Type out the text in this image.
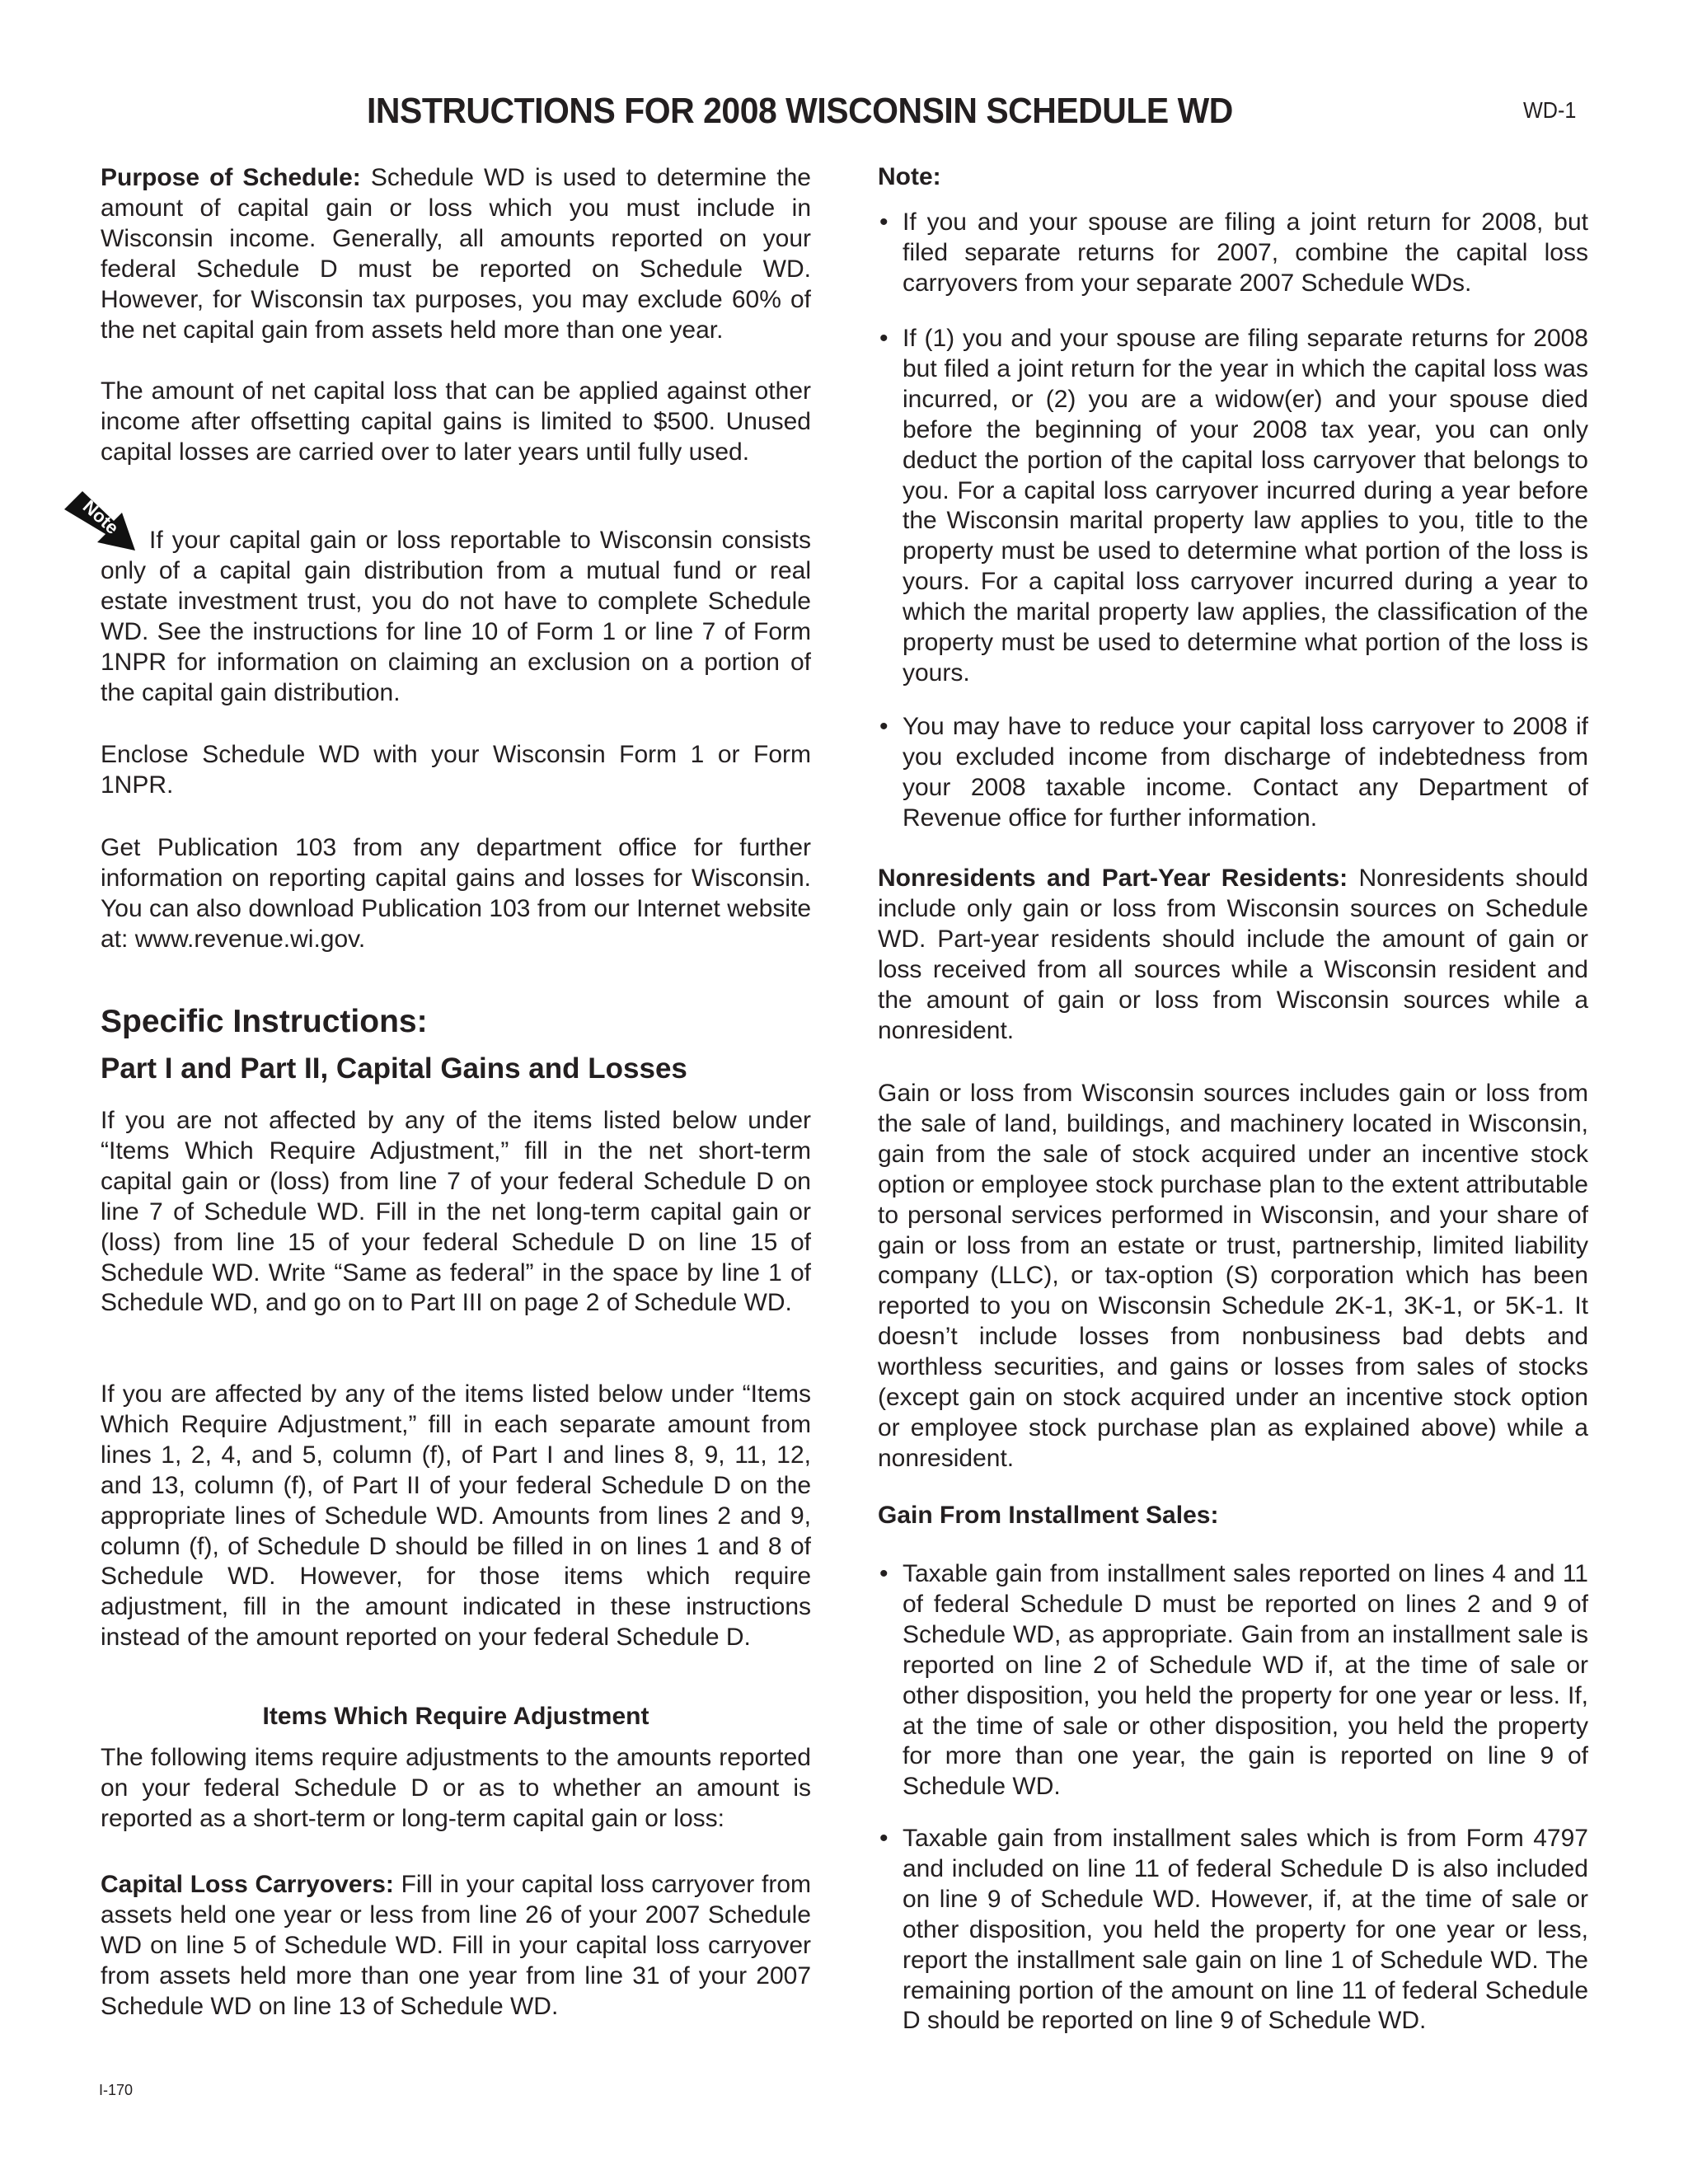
INSTRUCTIONS FOR 2008 WISCONSIN SCHEDULE WD	WD-1
Purpose of Schedule: Schedule WD is used to determine the amount of capital gain or loss which you must include in Wisconsin income. Generally, all amounts reported on your federal Schedule D must be reported on Schedule WD. However, for Wisconsin tax purposes, you may exclude 60% of the net capital gain from assets held more than one year.
The amount of net capital loss that can be applied against other income after offsetting capital gains is limited to $500. Unused capital losses are carried over to later years until fully used.
Note
If your capital gain or loss reportable to Wisconsin consists only of a capital gain distribution from a mutual fund or real estate investment trust, you do not have to complete Schedule WD. See the instructions for line 10 of Form 1 or line 7 of Form 1NPR for information on claiming an exclusion on a portion of the capital gain distribution.
Enclose Schedule WD with your Wisconsin Form 1 or Form 1NPR.
Get Publication 103 from any department office for further information on reporting capital gains and losses for Wisconsin. You can also download Publication 103 from our Internet website at: www.revenue.wi.gov.
Specific Instructions:
Part I and Part II, Capital Gains and Losses
If you are not affected by any of the items listed below under “Items Which Require Adjustment,” fill in the net short-term capital gain or (loss) from line 7 of your federal Schedule D on line 7 of Schedule WD. Fill in the net long-term capital gain or (loss) from line 15 of your federal Schedule D on line 15 of Schedule WD. Write “Same as federal” in the space by line 1 of Schedule WD, and go on to Part III on page 2 of Schedule WD.
If you are affected by any of the items listed below under “Items Which Require Adjustment,” fill in each separate amount from lines 1, 2, 4, and 5, column (f), of Part I and lines 8, 9, 11, 12, and 13, column (f), of Part II of your federal Schedule D on the appropriate lines of Schedule WD. Amounts from lines 2 and 9, column (f), of Schedule D should be filled in on lines 1 and 8 of Schedule WD. However, for those items which require adjustment, fill in the amount indicated in these instructions instead of the amount reported on your federal Schedule D.
Items Which Require Adjustment
The following items require adjustments to the amounts reported on your federal Schedule D or as to whether an amount is reported as a short-term or long-term capital gain or loss:
Capital Loss Carryovers: Fill in your capital loss carryover from assets held one year or less from line 26 of your 2007 Schedule WD on line 5 of Schedule WD. Fill in your capital loss carryover from assets held more than one year from line 31 of your 2007 Schedule WD on line 13 of Schedule WD.
I-170
Note:
• If you and your spouse are filing a joint return for 2008, but filed separate returns for 2007, combine the capital loss carryovers from your separate 2007 Schedule WDs.
• If (1) you and your spouse are filing separate returns for 2008 but filed a joint return for the year in which the capital loss was incurred, or (2) you are a widow(er) and your spouse died before the beginning of your 2008 tax year, you can only deduct the portion of the capital loss carryover that belongs to you. For a capital loss carryover incurred during a year before the Wisconsin marital property law applies to you, title to the property must be used to determine what portion of the loss is yours. For a capital loss carryover incurred during a year to which the marital property law applies, the classification of the property must be used to determine what portion of the loss is yours.
• You may have to reduce your capital loss carryover to 2008 if you excluded income from discharge of indebtedness from your 2008 taxable income. Contact any Department of Revenue office for further information.
Nonresidents and Part-Year Residents: Nonresidents should include only gain or loss from Wisconsin sources on Schedule WD. Part-year residents should include the amount of gain or loss received from all sources while a Wisconsin resident and the amount of gain or loss from Wisconsin sources while a nonresident.
Gain or loss from Wisconsin sources includes gain or loss from the sale of land, buildings, and machinery located in Wisconsin, gain from the sale of stock acquired under an incentive stock option or employee stock purchase plan to the extent attributable to personal services performed in Wisconsin, and your share of gain or loss from an estate or trust, partnership, limited liability company (LLC), or tax-option (S) corporation which has been reported to you on Wisconsin Schedule 2K-1, 3K-1, or 5K-1. It doesn’t include losses from nonbusiness bad debts and worthless securities, and gains or losses from sales of stocks (except gain on stock acquired under an incentive stock option or employee stock purchase plan as explained above) while a nonresident.
Gain From Installment Sales:
• Taxable gain from installment sales reported on lines 4 and 11 of federal Schedule D must be reported on lines 2 and 9 of Schedule WD, as appropriate. Gain from an installment sale is reported on line 2 of Schedule WD if, at the time of sale or other disposition, you held the property for one year or less. If, at the time of sale or other disposition, you held the property for more than one year, the gain is reported on line 9 of Schedule WD.
• Taxable gain from installment sales which is from Form 4797 and included on line 11 of federal Schedule D is also included on line 9 of Schedule WD. However, if, at the time of sale or other disposition, you held the property for one year or less, report the installment sale gain on line 1 of Schedule WD. The remaining portion of the amount on line 11 of federal Schedule D should be reported on line 9 of Schedule WD.
